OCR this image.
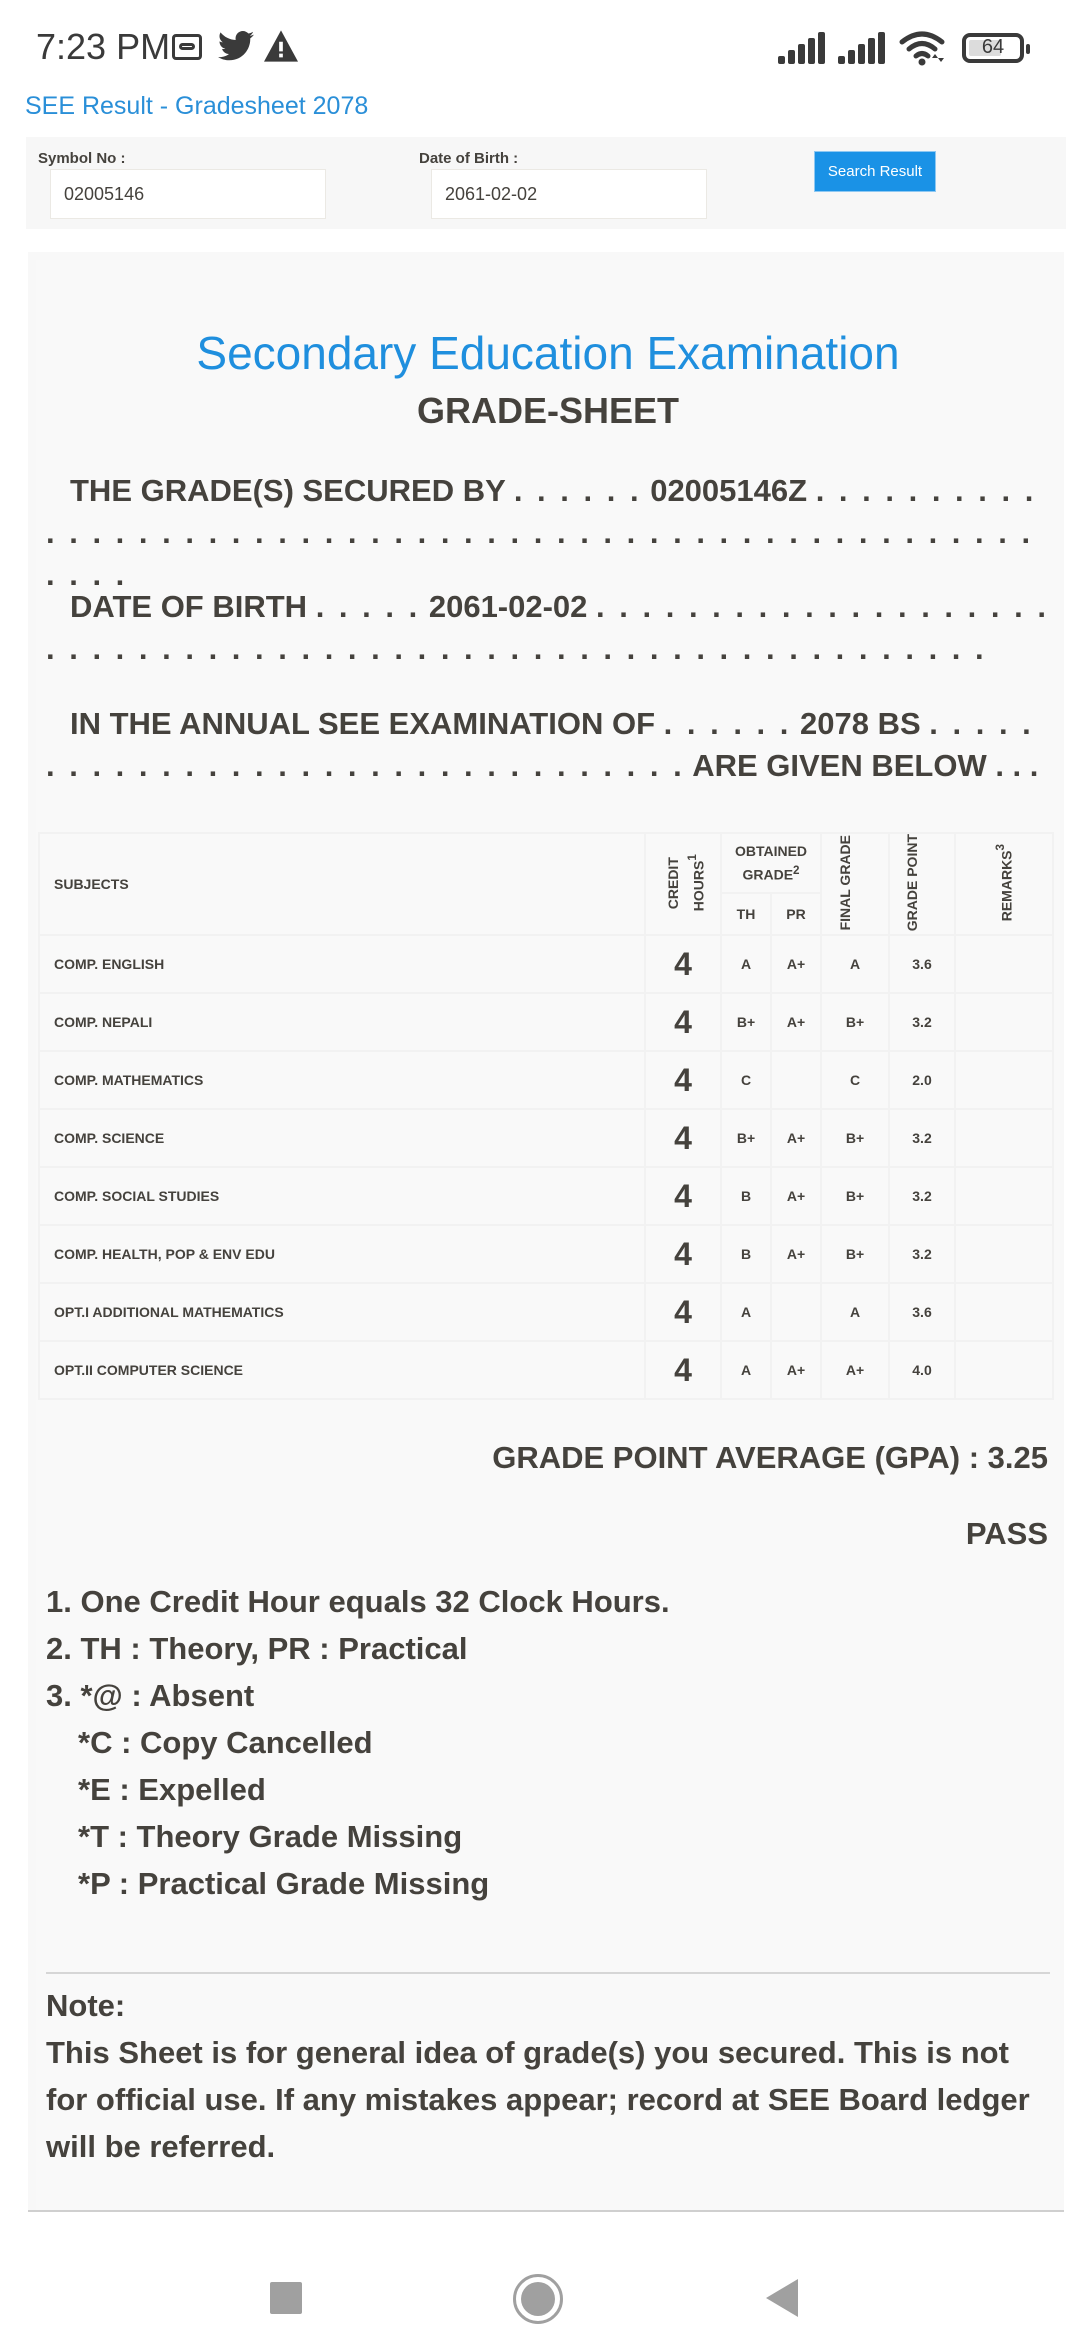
7:23 PM	64
SEE Result - Gradesheet 2078
Symbol No :
02005146	Date of Birth :
2061-02-02
Search Result
Secondary Education Examination
GRADE-SHEET
THE GRADE(S) SECURED BY . . . . . . 02005146Z . . . . . . . . . . . . . . . . . . . . . . . . . . . . . . . . . . . . . . . . . . . . . . . . . . . . . . . . .
DATE OF BIRTH . . . . . 2061-02-02 . . . . . . . . . . . . . . . . . . . . . . . . . . . . . . . . . . . . . . . . . . . . . . . . . . . . . . . . . . . . .
IN THE ANNUAL SEE EXAMINATION OF . . . . . . 2078 BS . . . . . . . . . . . . . . . . . . . . . . . . . . . . . . . . . ARE GIVEN BELOW . . .
SUBJECTS	CREDIT HOURS$^1$	OBTAINED GRADE$^2$		FINAL GRADE	GRADE POINT	REMARKS$^3$
		TH	PR			
COMP. ENGLISH	4	A	A+	A	3.6	
COMP. NEPALI	4	B+	A+	B+	3.2	
COMP. MATHEMATICS	4	C		C	2.0	
COMP. SCIENCE	4	B+	A+	B+	3.2	
COMP. SOCIAL STUDIES	4	B	A+	B+	3.2	
COMP. HEALTH, POP & ENV EDU	4	B	A+	B+	3.2	
OPT.I ADDITIONAL MATHEMATICS	4	A		A	3.6	
OPT.II COMPUTER SCIENCE	4	A	A+	A+	4.0	
GRADE POINT AVERAGE (GPA) : 3.25
PASS
1. One Credit Hour equals 32 Clock Hours.
2. TH : Theory, PR : Practical
3. *@ : Absent
*C : Copy Cancelled
*E : Expelled
*T : Theory Grade Missing
*P : Practical Grade Missing
Note:
This Sheet is for general idea of grade(s) you secured. This is not for official use. If any mistakes appear; record at SEE Board ledger will be referred.
